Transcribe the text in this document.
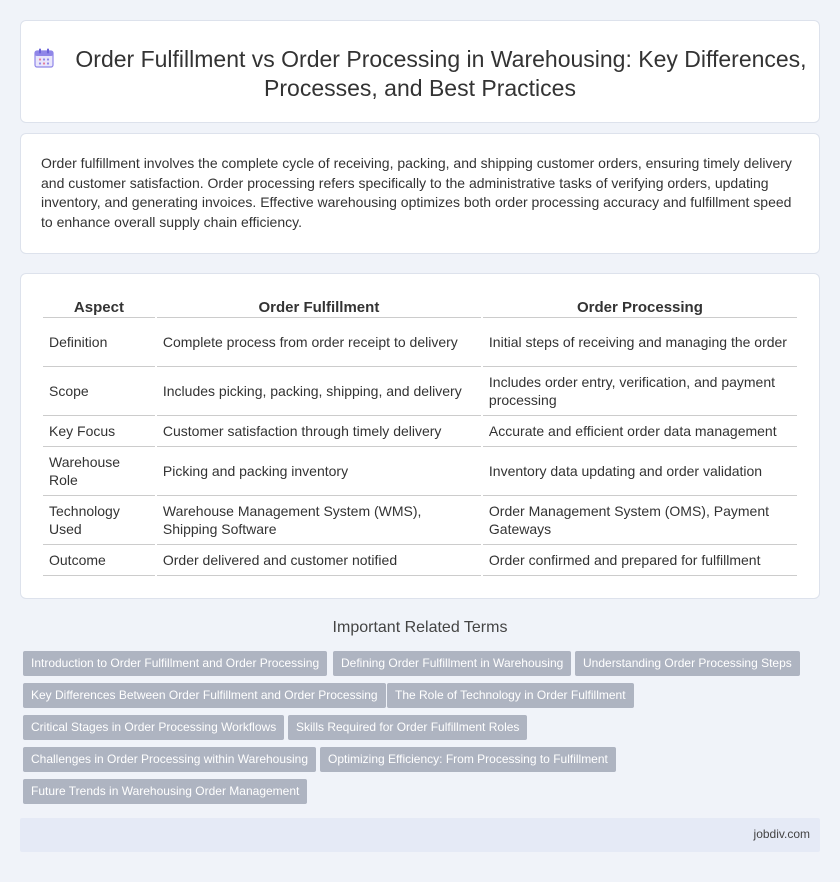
Order Fulfillment vs Order Processing in Warehousing: Key Differences, Processes, and Best Practices

Order fulfillment involves the complete cycle of receiving, packing, and shipping customer orders, ensuring timely delivery and customer satisfaction. Order processing refers specifically to the administrative tasks of verifying orders, updating inventory, and generating invoices. Effective warehousing optimizes both order processing accuracy and fulfillment speed to enhance overall supply chain efficiency.

Aspect	Order Fulfillment	Order Processing
Definition	Complete process from order receipt to delivery	Initial steps of receiving and managing the order
Scope	Includes picking, packing, shipping, and delivery	Includes order entry, verification, and payment processing
Key Focus	Customer satisfaction through timely delivery	Accurate and efficient order data management
Warehouse Role	Picking and packing inventory	Inventory data updating and order validation
Technology Used	Warehouse Management System (WMS), Shipping Software	Order Management System (OMS), Payment Gateways
Outcome	Order delivered and customer notified	Order confirmed and prepared for fulfillment
Important Related Terms
Introduction to Order Fulfillment and Order Processing	Defining Order Fulfillment in Warehousing	Understanding Order Processing Steps
Key Differences Between Order Fulfillment and Order Processing	The Role of Technology in Order Fulfillment
Critical Stages in Order Processing Workflows	Skills Required for Order Fulfillment Roles
Challenges in Order Processing within Warehousing	Optimizing Efficiency: From Processing to Fulfillment
Future Trends in Warehousing Order Management
jobdiv.com
